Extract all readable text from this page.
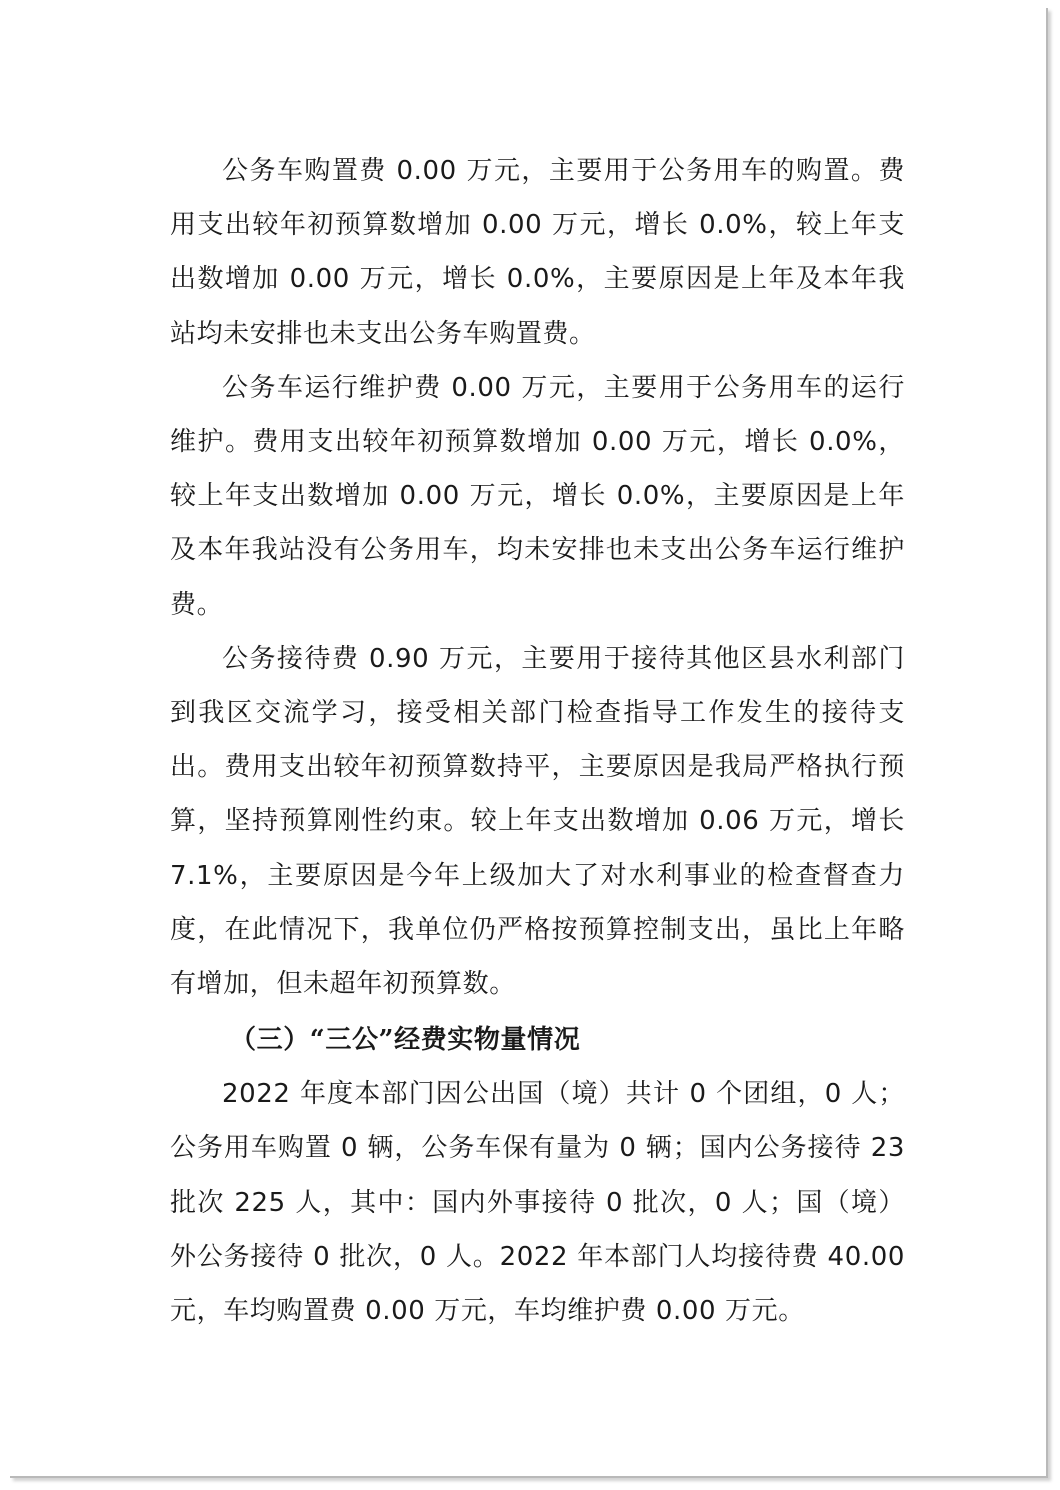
公务车购置费 0.00 万元，主要用于公务用车的购置。费用支出较年初预算数增加 0.00 万元，增长 0.0%，较上年支出数增加 0.00 万元，增长 0.0%，主要原因是上年及本年我站均未安排也未支出公务车购置费。

公务车运行维护费 0.00 万元，主要用于公务用车的运行维护。费用支出较年初预算数增加 0.00 万元，增长 0.0%，较上年支出数增加 0.00 万元，增长 0.0%，主要原因是上年及本年我站没有公务用车，均未安排也未支出公务车运行维护费。

公务接待费 0.90 万元，主要用于接待其他区县水利部门到我区交流学习，接受相关部门检查指导工作发生的接待支出。费用支出较年初预算数持平，主要原因是我局严格执行预算，坚持预算刚性约束。较上年支出数增加 0.06 万元，增长 7.1%，主要原因是今年上级加大了对水利事业的检查督查力度，在此情况下，我单位仍严格按预算控制支出，虽比上年略有增加，但未超年初预算数。

（三）“三公”经费实物量情况

2022 年度本部门因公出国（境）共计 0 个团组，0 人；公务用车购置 0 辆，公务车保有量为 0 辆；国内公务接待 23 批次 225 人，其中：国内外事接待 0 批次，0 人；国（境）外公务接待 0 批次，0 人。2022 年本部门人均接待费 40.00 元，车均购置费 0.00 万元，车均维护费 0.00 万元。
